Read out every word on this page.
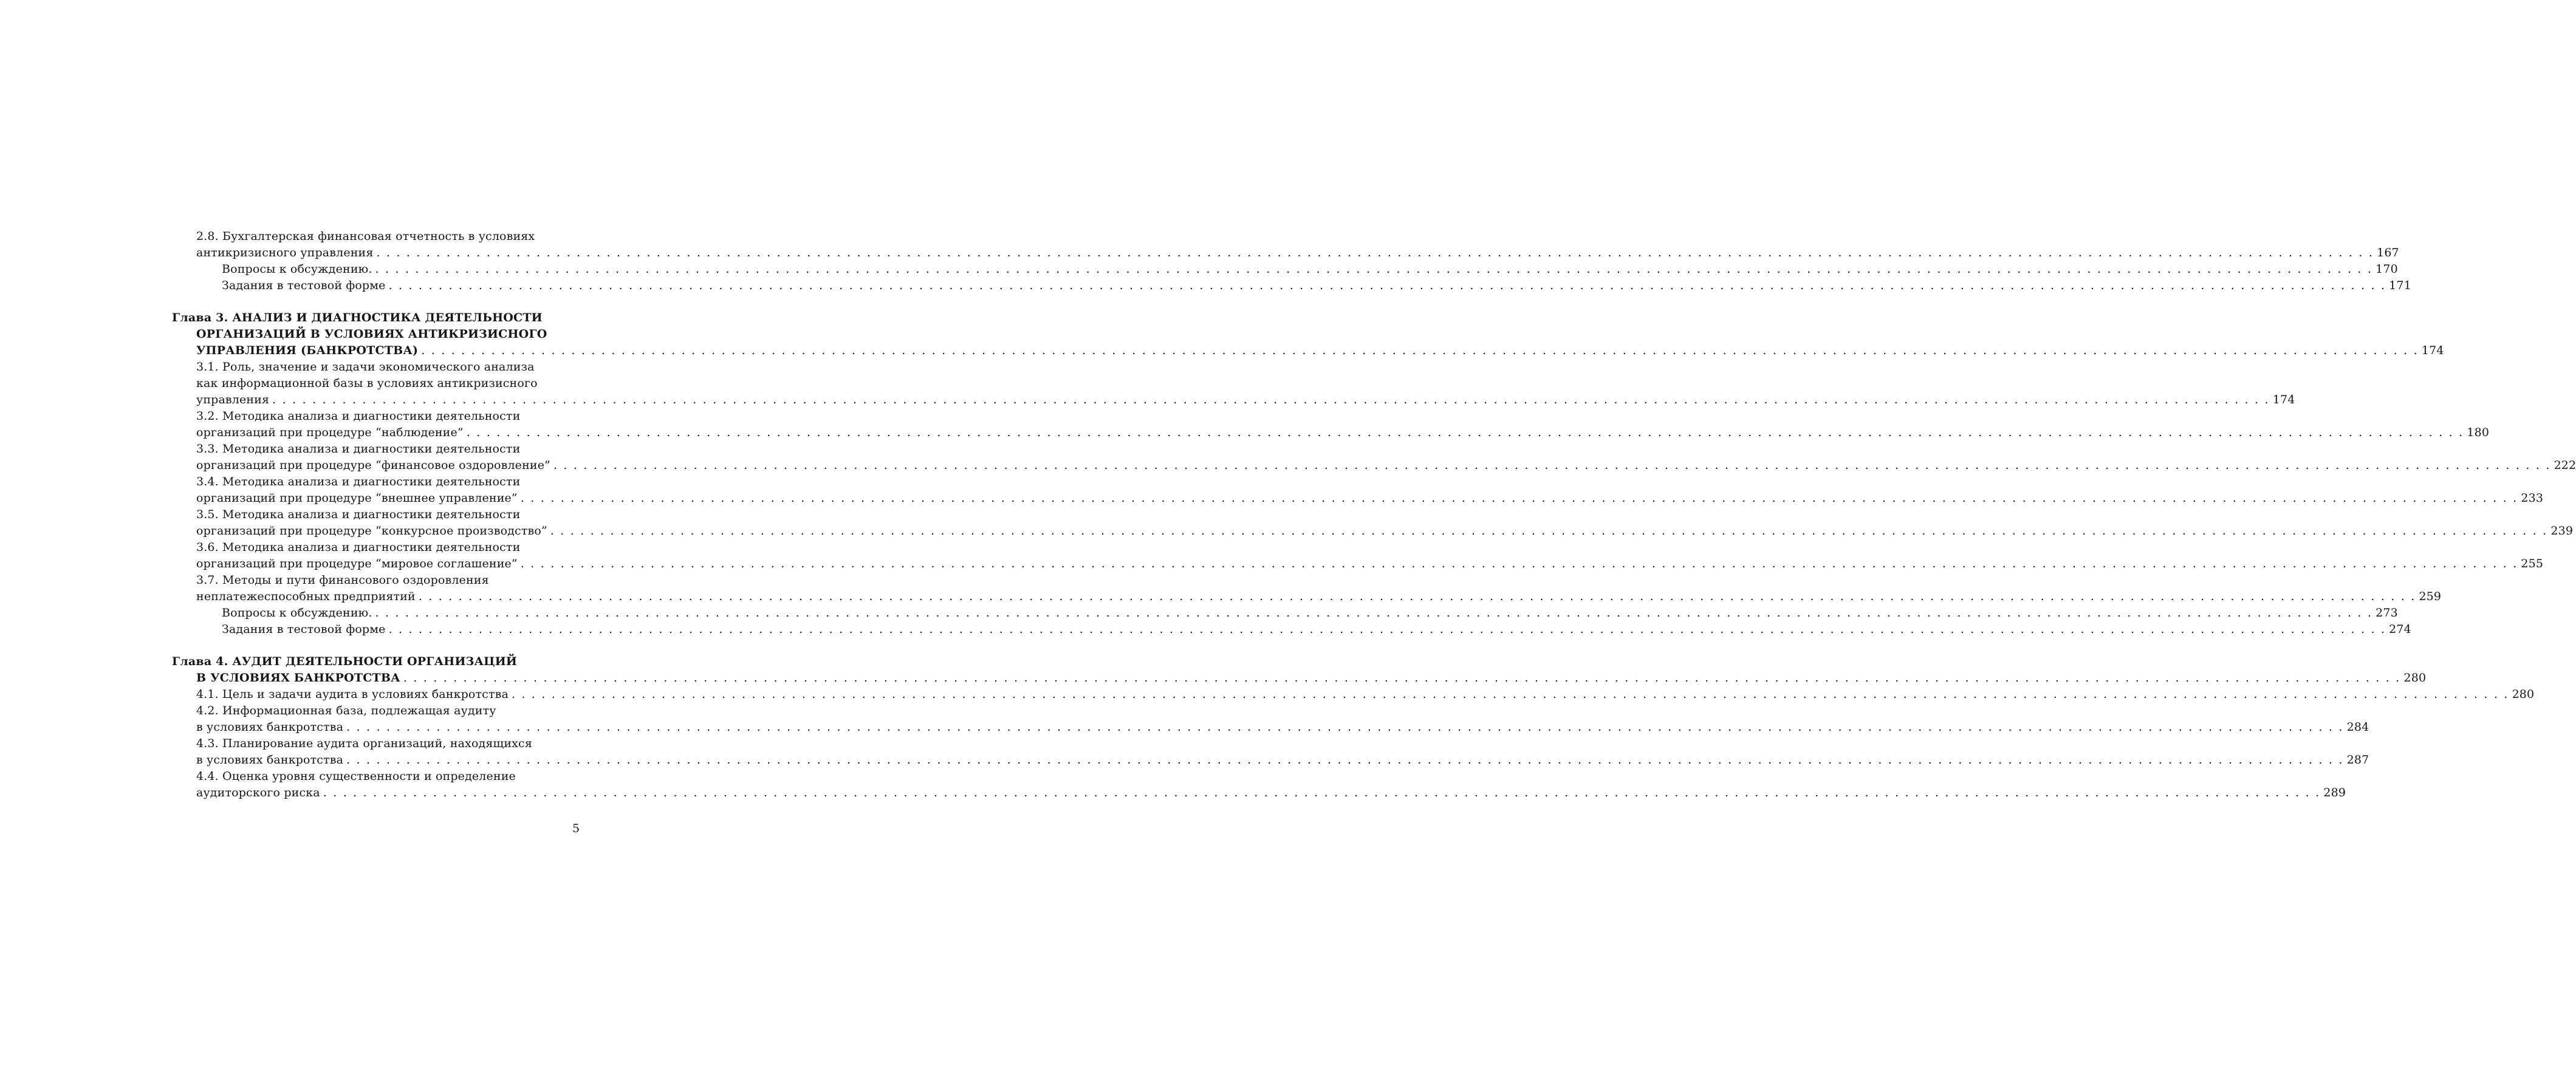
2.8. Бухгалтерская финансовая отчетность в условиях
антикризисного управления . . . . . . . . . . . . . . . . . . . . . . . . . . . . . . . . . . . . . . . . . . . . . . . . . . . . . . . . . . . . . . . . . . . . . . . . . . . . . . . . . . . . . . . . . . . . . . . . . . . . . . . . . . . . . . . . . . . . . . . . . . . . . . . . . . . . . . . . . . . . . . . . . . . . . . . . . . . . . . . . . . . . . . . . . . . . . . . . . . . . . . . . . . . . . . . . . . . . . . . . 167
Вопросы к обсуждению. . . . . . . . . . . . . . . . . . . . . . . . . . . . . . . . . . . . . . . . . . . . . . . . . . . . . . . . . . . . . . . . . . . . . . . . . . . . . . . . . . . . . . . . . . . . . . . . . . . . . . . . . . . . . . . . . . . . . . . . . . . . . . . . . . . . . . . . . . . . . . . . . . . . . . . . . . . . . . . . . . . . . . . . . . . . . . . . . . . . . . . . . . . . . . . . . . . . . . . . . 170
Задания в тестовой форме . . . . . . . . . . . . . . . . . . . . . . . . . . . . . . . . . . . . . . . . . . . . . . . . . . . . . . . . . . . . . . . . . . . . . . . . . . . . . . . . . . . . . . . . . . . . . . . . . . . . . . . . . . . . . . . . . . . . . . . . . . . . . . . . . . . . . . . . . . . . . . . . . . . . . . . . . . . . . . . . . . . . . . . . . . . . . . . . . . . . . . . . . . . . . . . . . . . . . . . . 171
Глава 3. АНАЛИЗ И ДИАГНОСТИКА ДЕЯТЕЛЬНОСТИ
ОРГАНИЗАЦИЙ В УСЛОВИЯХ АНТИКРИЗИСНОГО
УПРАВЛЕНИЯ (БАНКРОТСТВА) . . . . . . . . . . . . . . . . . . . . . . . . . . . . . . . . . . . . . . . . . . . . . . . . . . . . . . . . . . . . . . . . . . . . . . . . . . . . . . . . . . . . . . . . . . . . . . . . . . . . . . . . . . . . . . . . . . . . . . . . . . . . . . . . . . . . . . . . . . . . . . . . . . . . . . . . . . . . . . . . . . . . . . . . . . . . . . . . . . . . . . . . . . . . . . . . . . . . . . . . 174
3.1. Роль, значение и задачи экономического анализа
как информационной базы в условиях антикризисного
управления . . . . . . . . . . . . . . . . . . . . . . . . . . . . . . . . . . . . . . . . . . . . . . . . . . . . . . . . . . . . . . . . . . . . . . . . . . . . . . . . . . . . . . . . . . . . . . . . . . . . . . . . . . . . . . . . . . . . . . . . . . . . . . . . . . . . . . . . . . . . . . . . . . . . . . . . . . . . . . . . . . . . . . . . . . . . . . . . . . . . . . . . . . . . . . . . . . . . . . . . 174
3.2. Методика анализа и диагностики деятельности
организаций при процедуре “наблюдение” . . . . . . . . . . . . . . . . . . . . . . . . . . . . . . . . . . . . . . . . . . . . . . . . . . . . . . . . . . . . . . . . . . . . . . . . . . . . . . . . . . . . . . . . . . . . . . . . . . . . . . . . . . . . . . . . . . . . . . . . . . . . . . . . . . . . . . . . . . . . . . . . . . . . . . . . . . . . . . . . . . . . . . . . . . . . . . . . . . . . . . . . . . . . . . . . . . . . . . . . 180
3.3. Методика анализа и диагностики деятельности
организаций при процедуре “финансовое оздоровление” . . . . . . . . . . . . . . . . . . . . . . . . . . . . . . . . . . . . . . . . . . . . . . . . . . . . . . . . . . . . . . . . . . . . . . . . . . . . . . . . . . . . . . . . . . . . . . . . . . . . . . . . . . . . . . . . . . . . . . . . . . . . . . . . . . . . . . . . . . . . . . . . . . . . . . . . . . . . . . . . . . . . . . . . . . . . . . . . . . . . . . . . . . . . . . . . . . . . . . . . 222
3.4. Методика анализа и диагностики деятельности
организаций при процедуре “внешнее управление” . . . . . . . . . . . . . . . . . . . . . . . . . . . . . . . . . . . . . . . . . . . . . . . . . . . . . . . . . . . . . . . . . . . . . . . . . . . . . . . . . . . . . . . . . . . . . . . . . . . . . . . . . . . . . . . . . . . . . . . . . . . . . . . . . . . . . . . . . . . . . . . . . . . . . . . . . . . . . . . . . . . . . . . . . . . . . . . . . . . . . . . . . . . . . . . . . . . . . . . . 233
3.5. Методика анализа и диагностики деятельности
организаций при процедуре “конкурсное производство” . . . . . . . . . . . . . . . . . . . . . . . . . . . . . . . . . . . . . . . . . . . . . . . . . . . . . . . . . . . . . . . . . . . . . . . . . . . . . . . . . . . . . . . . . . . . . . . . . . . . . . . . . . . . . . . . . . . . . . . . . . . . . . . . . . . . . . . . . . . . . . . . . . . . . . . . . . . . . . . . . . . . . . . . . . . . . . . . . . . . . . . . . . . . . . . . . . . . . . . . 239
3.6. Методика анализа и диагностики деятельности
организаций при процедуре “мировое соглашение” . . . . . . . . . . . . . . . . . . . . . . . . . . . . . . . . . . . . . . . . . . . . . . . . . . . . . . . . . . . . . . . . . . . . . . . . . . . . . . . . . . . . . . . . . . . . . . . . . . . . . . . . . . . . . . . . . . . . . . . . . . . . . . . . . . . . . . . . . . . . . . . . . . . . . . . . . . . . . . . . . . . . . . . . . . . . . . . . . . . . . . . . . . . . . . . . . . . . . . . . 255
3.7. Методы и пути финансового оздоровления
неплатежеспособных предприятий . . . . . . . . . . . . . . . . . . . . . . . . . . . . . . . . . . . . . . . . . . . . . . . . . . . . . . . . . . . . . . . . . . . . . . . . . . . . . . . . . . . . . . . . . . . . . . . . . . . . . . . . . . . . . . . . . . . . . . . . . . . . . . . . . . . . . . . . . . . . . . . . . . . . . . . . . . . . . . . . . . . . . . . . . . . . . . . . . . . . . . . . . . . . . . . . . . . . . . . . 259
Вопросы к обсуждению. . . . . . . . . . . . . . . . . . . . . . . . . . . . . . . . . . . . . . . . . . . . . . . . . . . . . . . . . . . . . . . . . . . . . . . . . . . . . . . . . . . . . . . . . . . . . . . . . . . . . . . . . . . . . . . . . . . . . . . . . . . . . . . . . . . . . . . . . . . . . . . . . . . . . . . . . . . . . . . . . . . . . . . . . . . . . . . . . . . . . . . . . . . . . . . . . . . . . . . . . 273
Задания в тестовой форме . . . . . . . . . . . . . . . . . . . . . . . . . . . . . . . . . . . . . . . . . . . . . . . . . . . . . . . . . . . . . . . . . . . . . . . . . . . . . . . . . . . . . . . . . . . . . . . . . . . . . . . . . . . . . . . . . . . . . . . . . . . . . . . . . . . . . . . . . . . . . . . . . . . . . . . . . . . . . . . . . . . . . . . . . . . . . . . . . . . . . . . . . . . . . . . . . . . . . . . . 274
Глава 4. АУДИТ ДЕЯТЕЛЬНОСТИ ОРГАНИЗАЦИЙ
В УСЛОВИЯХ БАНКРОТСТВА . . . . . . . . . . . . . . . . . . . . . . . . . . . . . . . . . . . . . . . . . . . . . . . . . . . . . . . . . . . . . . . . . . . . . . . . . . . . . . . . . . . . . . . . . . . . . . . . . . . . . . . . . . . . . . . . . . . . . . . . . . . . . . . . . . . . . . . . . . . . . . . . . . . . . . . . . . . . . . . . . . . . . . . . . . . . . . . . . . . . . . . . . . . . . . . . . . . . . . . . 280
4.1. Цель и задачи аудита в условиях банкротства . . . . . . . . . . . . . . . . . . . . . . . . . . . . . . . . . . . . . . . . . . . . . . . . . . . . . . . . . . . . . . . . . . . . . . . . . . . . . . . . . . . . . . . . . . . . . . . . . . . . . . . . . . . . . . . . . . . . . . . . . . . . . . . . . . . . . . . . . . . . . . . . . . . . . . . . . . . . . . . . . . . . . . . . . . . . . . . . . . . . . . . . . . . . . . . . . . . . . . . . 280
4.2. Информационная база, подлежащая аудиту
в условиях банкротства . . . . . . . . . . . . . . . . . . . . . . . . . . . . . . . . . . . . . . . . . . . . . . . . . . . . . . . . . . . . . . . . . . . . . . . . . . . . . . . . . . . . . . . . . . . . . . . . . . . . . . . . . . . . . . . . . . . . . . . . . . . . . . . . . . . . . . . . . . . . . . . . . . . . . . . . . . . . . . . . . . . . . . . . . . . . . . . . . . . . . . . . . . . . . . . . . . . . . . . . 284
4.3. Планирование аудита организаций, находящихся
в условиях банкротства . . . . . . . . . . . . . . . . . . . . . . . . . . . . . . . . . . . . . . . . . . . . . . . . . . . . . . . . . . . . . . . . . . . . . . . . . . . . . . . . . . . . . . . . . . . . . . . . . . . . . . . . . . . . . . . . . . . . . . . . . . . . . . . . . . . . . . . . . . . . . . . . . . . . . . . . . . . . . . . . . . . . . . . . . . . . . . . . . . . . . . . . . . . . . . . . . . . . . . . . 287
4.4. Оценка уровня существенности и определение
аудиторского риска . . . . . . . . . . . . . . . . . . . . . . . . . . . . . . . . . . . . . . . . . . . . . . . . . . . . . . . . . . . . . . . . . . . . . . . . . . . . . . . . . . . . . . . . . . . . . . . . . . . . . . . . . . . . . . . . . . . . . . . . . . . . . . . . . . . . . . . . . . . . . . . . . . . . . . . . . . . . . . . . . . . . . . . . . . . . . . . . . . . . . . . . . . . . . . . . . . . . . . . . 289
5
